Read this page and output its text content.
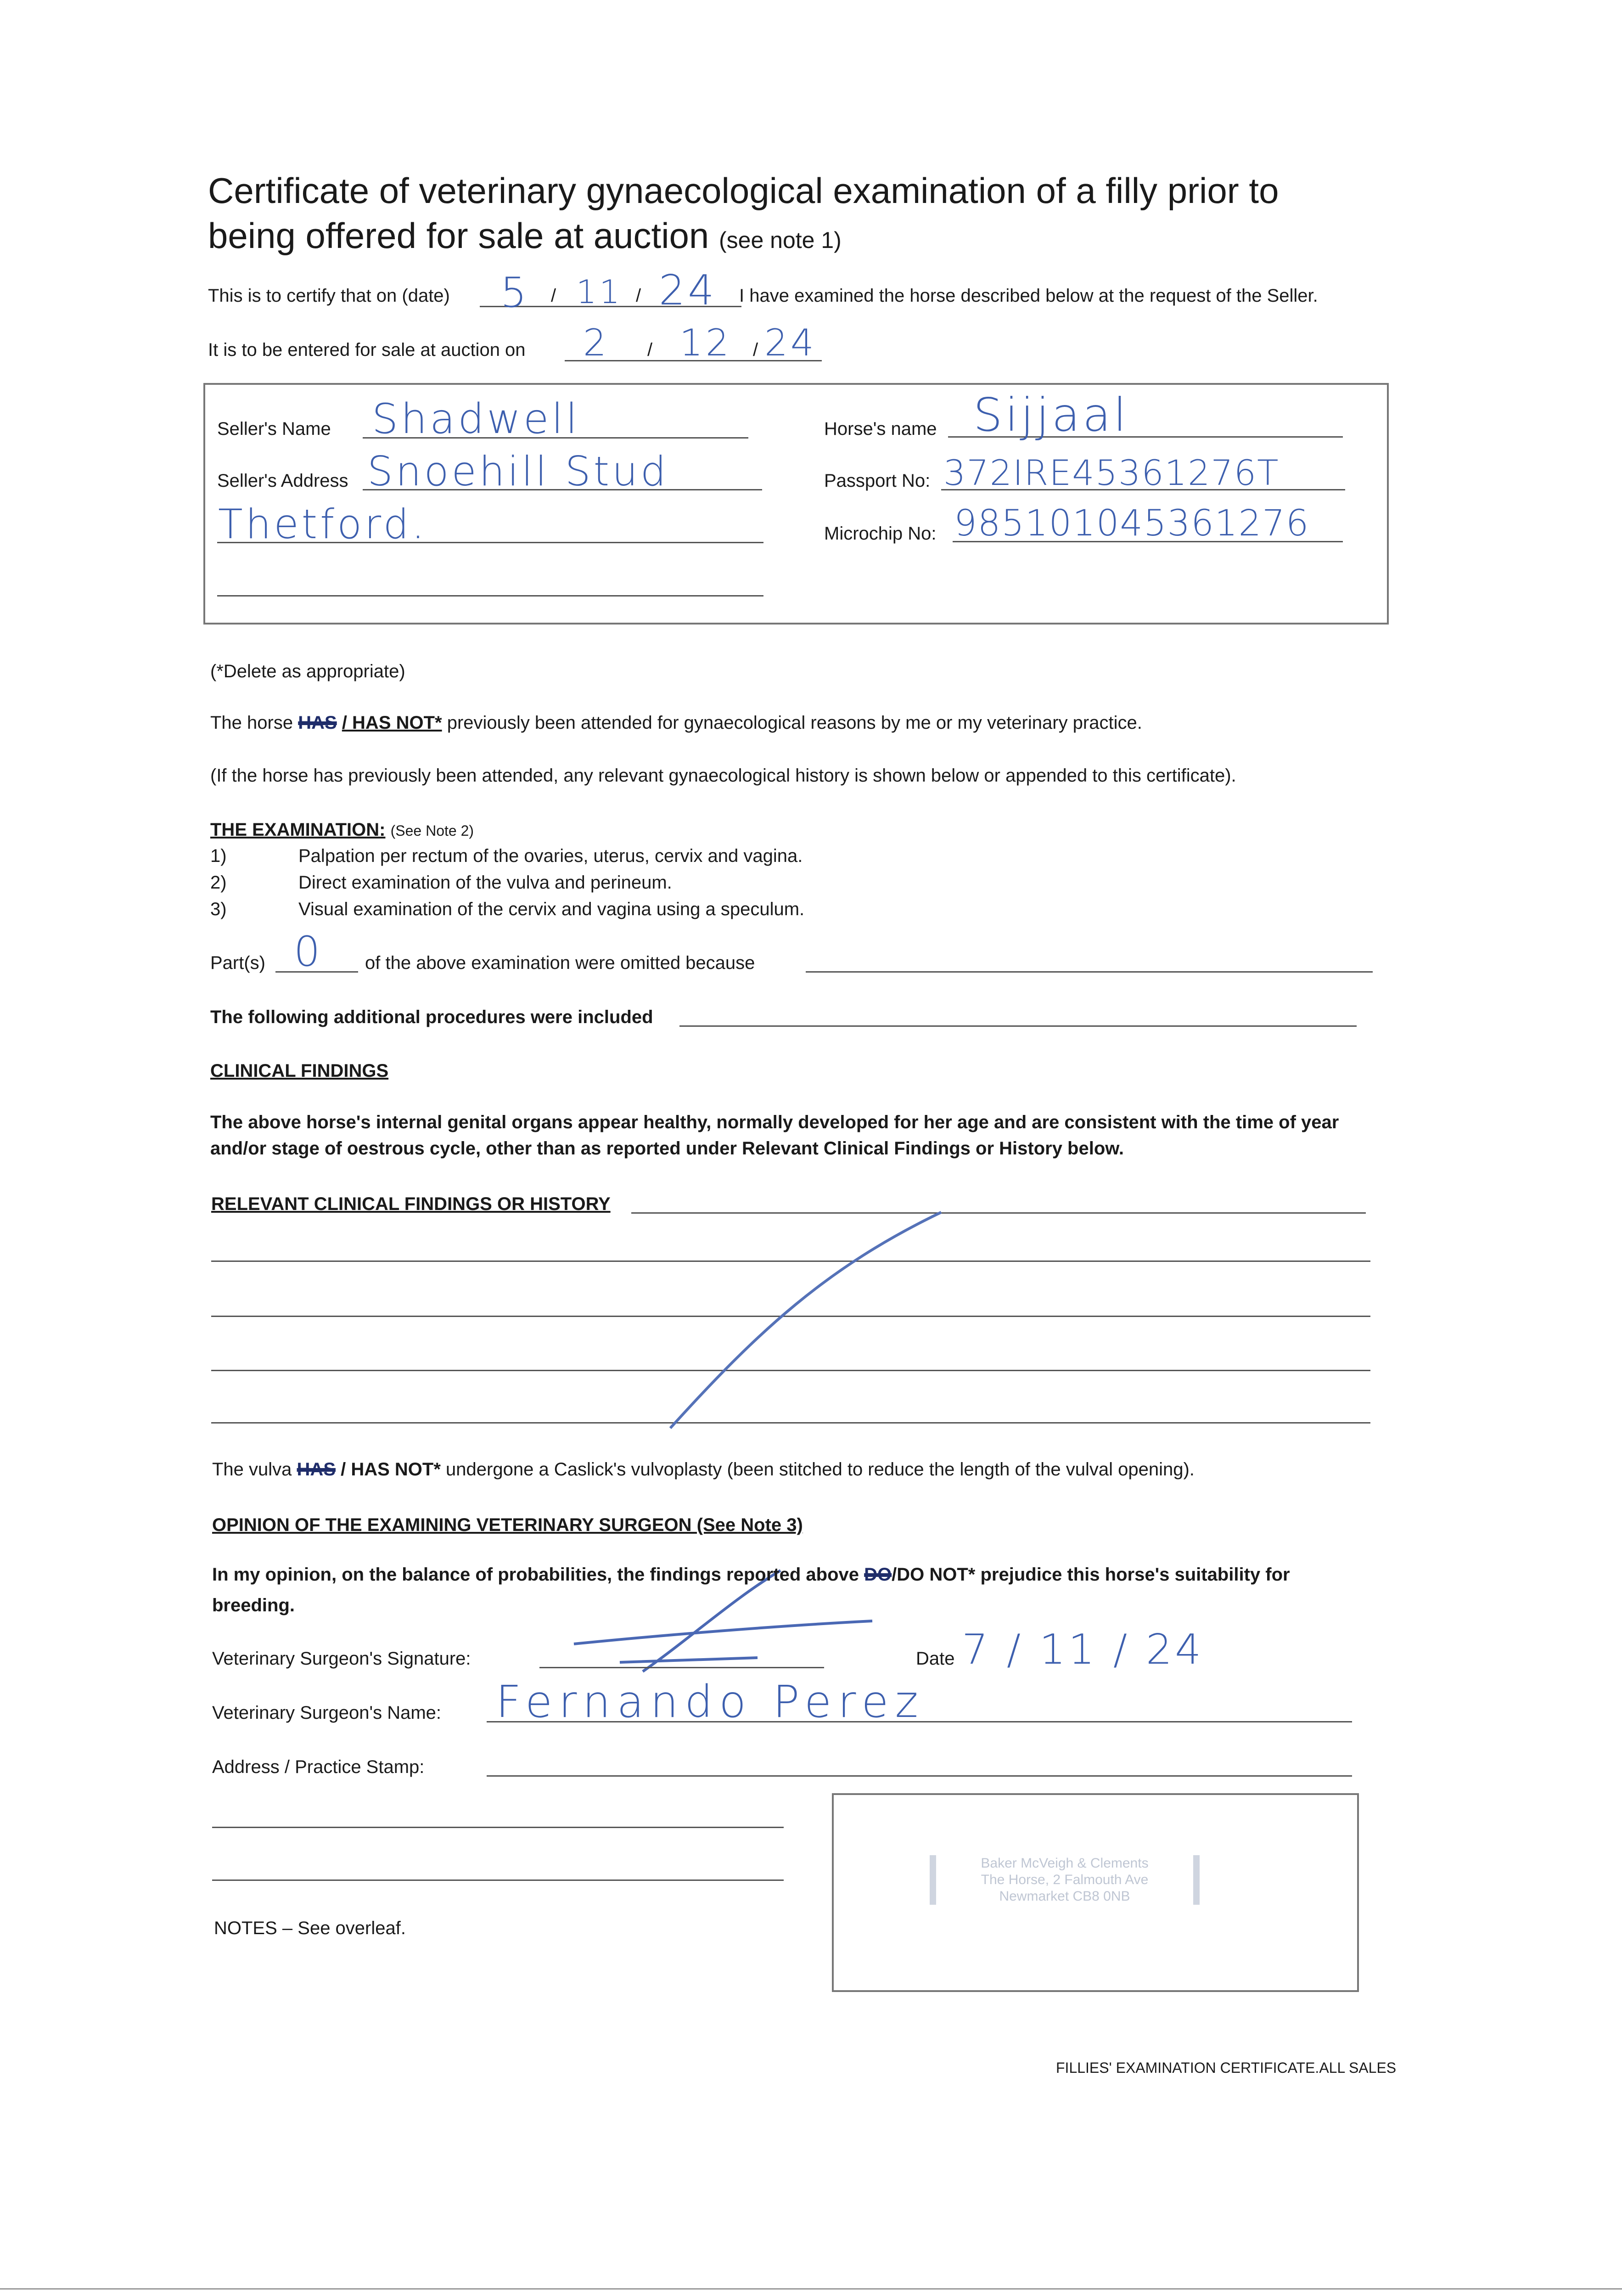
Certificate of veterinary gynaecological examination of a filly prior to
being offered for sale at auction (see note 1)
This is to certify that on (date) 5 / 11 / 24 I have examined the horse described below at the request of the Seller.
It is to be entered for sale at auction on 2 / 12 / 24
Seller's Name Shadwell
Seller's Address Snoehill Stud
Thetford.
Horse's name Sijjaal
Passport No: 372IRE45361276T
Microchip No: 985101045361276
(*Delete as appropriate)
The horse HAS / HAS NOT* previously been attended for gynaecological reasons by me or my veterinary practice.
(If the horse has previously been attended, any relevant gynaecological history is shown below or appended to this certificate).
THE EXAMINATION: (See Note 2)
1)	Palpation per rectum of the ovaries, uterus, cervix and vagina.
2)	Direct examination of the vulva and perineum.
3)	Visual examination of the cervix and vagina using a speculum.
Part(s) 0 of the above examination were omitted because
The following additional procedures were included
CLINICAL FINDINGS
The above horse's internal genital organs appear healthy, normally developed for her age and are consistent with the time of year
and/or stage of oestrous cycle, other than as reported under Relevant Clinical Findings or History below.
RELEVANT CLINICAL FINDINGS OR HISTORY
The vulva HAS / HAS NOT* undergone a Caslick's vulvoplasty (been stitched to reduce the length of the vulval opening).
OPINION OF THE EXAMINING VETERINARY SURGEON (See Note 3)
In my opinion, on the balance of probabilities, the findings reported above DO/DO NOT* prejudice this horse's suitability for
breeding.
Veterinary Surgeon's Signature:	Date 7 / 11 / 24
Veterinary Surgeon's Name: Fernando Perez
Address / Practice Stamp:
Baker McVeigh & Clements
The Horse, 2 Falmouth Ave
Newmarket CB8 0NB
NOTES – See overleaf.
FILLIES' EXAMINATION CERTIFICATE.ALL SALES
